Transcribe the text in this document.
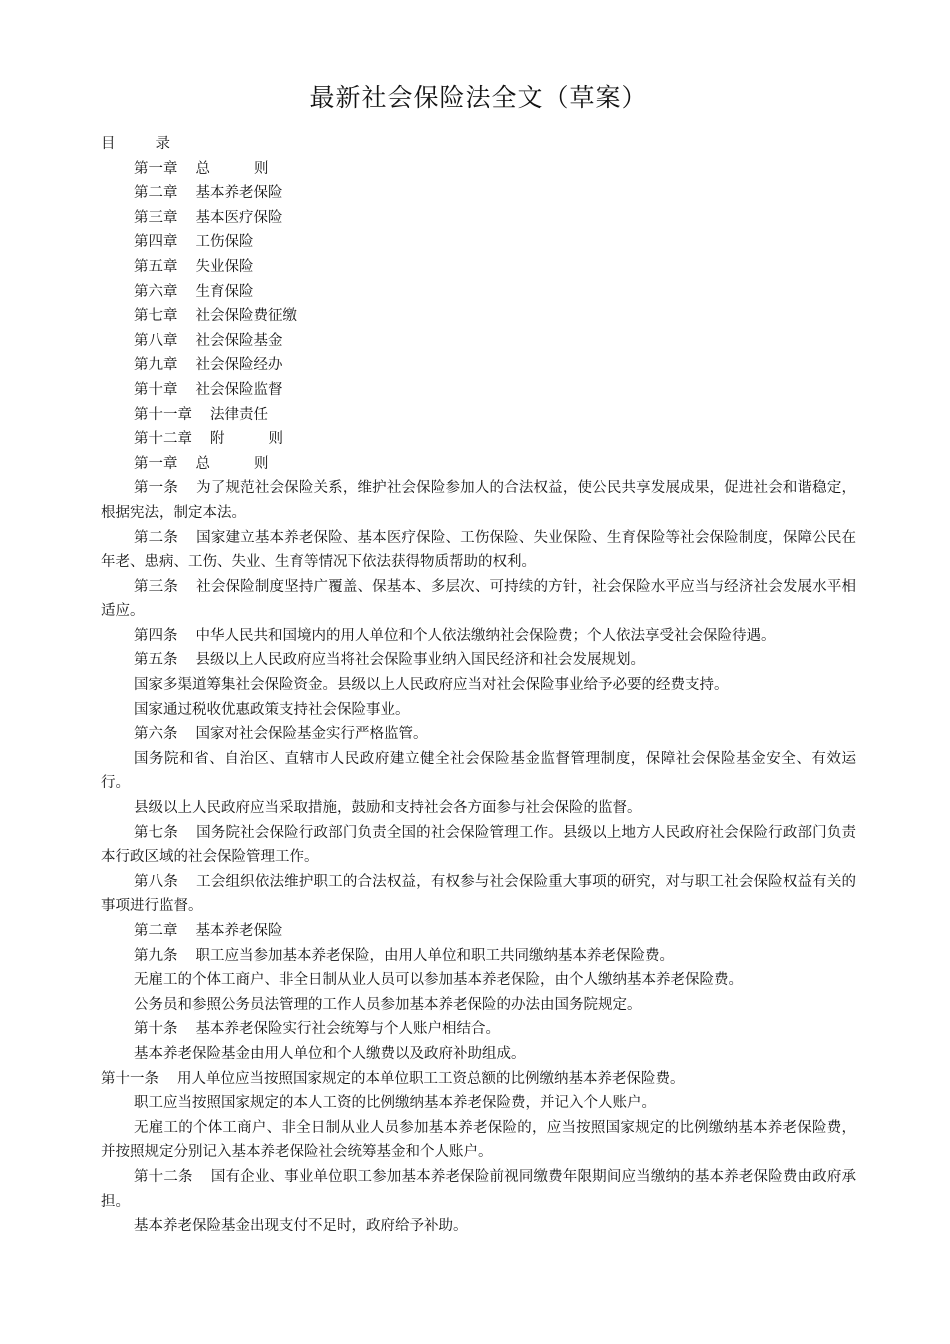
最新社会保险法全文（草案）

目	录

第一章 总	则

第二章 基本养老保险

第三章 基本医疗保险

第四章 工伤保险

第五章 失业保险

第六章 生育保险

第七章 社会保险费征缴

第八章 社会保险基金

第九章 社会保险经办

第十章 社会保险监督

第十一章 法律责任

第十二章 附	则

第一章 总	则

第一条 为了规范社会保险关系，维护社会保险参加人的合法权益，使公民共享发展成果，促进社会和谐稳定，根据宪法，制定本法。

第二条 国家建立基本养老保险、基本医疗保险、工伤保险、失业保险、生育保险等社会保险制度，保障公民在年老、患病、工伤、失业、生育等情况下依法获得物质帮助的权利。

第三条 社会保险制度坚持广覆盖、保基本、多层次、可持续的方针，社会保险水平应当与经济社会发展水平相适应。

第四条 中华人民共和国境内的用人单位和个人依法缴纳社会保险费；个人依法享受社会保险待遇。

第五条 县级以上人民政府应当将社会保险事业纳入国民经济和社会发展规划。

国家多渠道筹集社会保险资金。县级以上人民政府应当对社会保险事业给予必要的经费支持。

国家通过税收优惠政策支持社会保险事业。

第六条 国家对社会保险基金实行严格监管。

国务院和省、自治区、直辖市人民政府建立健全社会保险基金监督管理制度，保障社会保险基金安全、有效运行。

县级以上人民政府应当采取措施，鼓励和支持社会各方面参与社会保险的监督。

第七条 国务院社会保险行政部门负责全国的社会保险管理工作。县级以上地方人民政府社会保险行政部门负责本行政区域的社会保险管理工作。

第八条 工会组织依法维护职工的合法权益，有权参与社会保险重大事项的研究，对与职工社会保险权益有关的事项进行监督。

第二章 基本养老保险

第九条 职工应当参加基本养老保险，由用人单位和职工共同缴纳基本养老保险费。

无雇工的个体工商户、非全日制从业人员可以参加基本养老保险，由个人缴纳基本养老保险费。

公务员和参照公务员法管理的工作人员参加基本养老保险的办法由国务院规定。

第十条 基本养老保险实行社会统筹与个人账户相结合。

基本养老保险基金由用人单位和个人缴费以及政府补助组成。

第十一条 用人单位应当按照国家规定的本单位职工工资总额的比例缴纳基本养老保险费。

职工应当按照国家规定的本人工资的比例缴纳基本养老保险费，并记入个人账户。

无雇工的个体工商户、非全日制从业人员参加基本养老保险的，应当按照国家规定的比例缴纳基本养老保险费，并按照规定分别记入基本养老保险社会统筹基金和个人账户。

第十二条 国有企业、事业单位职工参加基本养老保险前视同缴费年限期间应当缴纳的基本养老保险费由政府承担。

基本养老保险基金出现支付不足时，政府给予补助。
